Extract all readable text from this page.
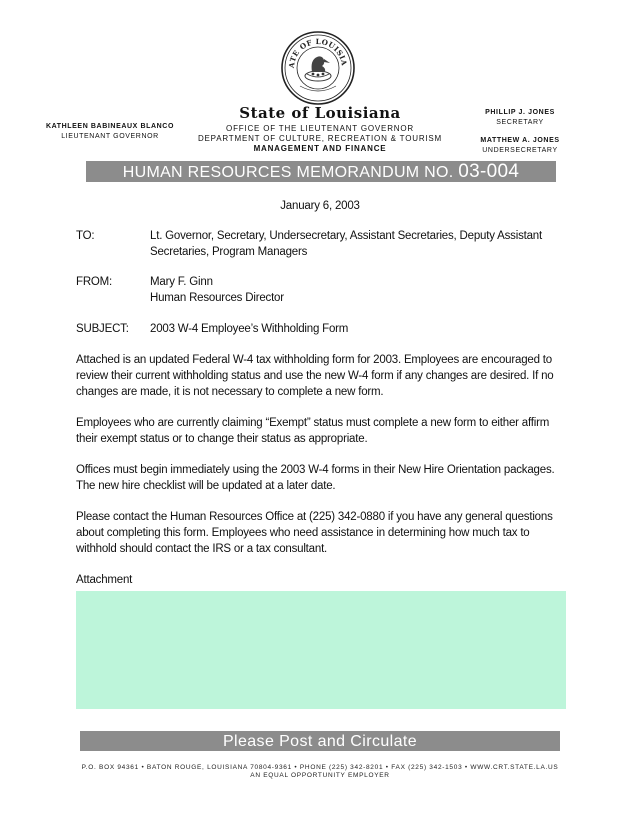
ATE OF LOUISIA
State of Louisiana
OFFICE OF THE LIEUTENANT GOVERNOR
DEPARTMENT OF CULTURE, RECREATION & TOURISM
MANAGEMENT AND FINANCE
KATHLEEN BABINEAUX BLANCO
LIEUTENANT GOVERNOR
PHILLIP J. JONES
SECRETARY
MATTHEW A. JONES
UNDERSECRETARY
HUMAN RESOURCES MEMORANDUM NO. 03-004
January 6, 2003
TO:	Lt. Governor, Secretary, Undersecretary, Assistant Secretaries, Deputy Assistant
Secretaries, Program Managers
FROM:	Mary F. Ginn
Human Resources Director
SUBJECT: 2003 W-4 Employee’s Withholding Form
Attached is an updated Federal W-4 tax withholding form for 2003. Employees are encouraged to review their current withholding status and use the new W-4 form if any changes are desired. If no changes are made, it is not necessary to complete a new form.
Employees who are currently claiming “Exempt” status must complete a new form to either affirm their exempt status or to change their status as appropriate.
Offices must begin immediately using the 2003 W-4 forms in their New Hire Orientation packages. The new hire checklist will be updated at a later date.
Please contact the Human Resources Office at (225) 342-0880 if you have any general questions about completing this form. Employees who need assistance in determining how much tax to withhold should contact the IRS or a tax consultant.
Attachment
Please Post and Circulate
P.O. BOX 94361 • BATON ROUGE, LOUISIANA 70804-9361 • PHONE (225) 342-8201 • FAX (225) 342-1503 • WWW.CRT.STATE.LA.US
AN EQUAL OPPORTUNITY EMPLOYER
